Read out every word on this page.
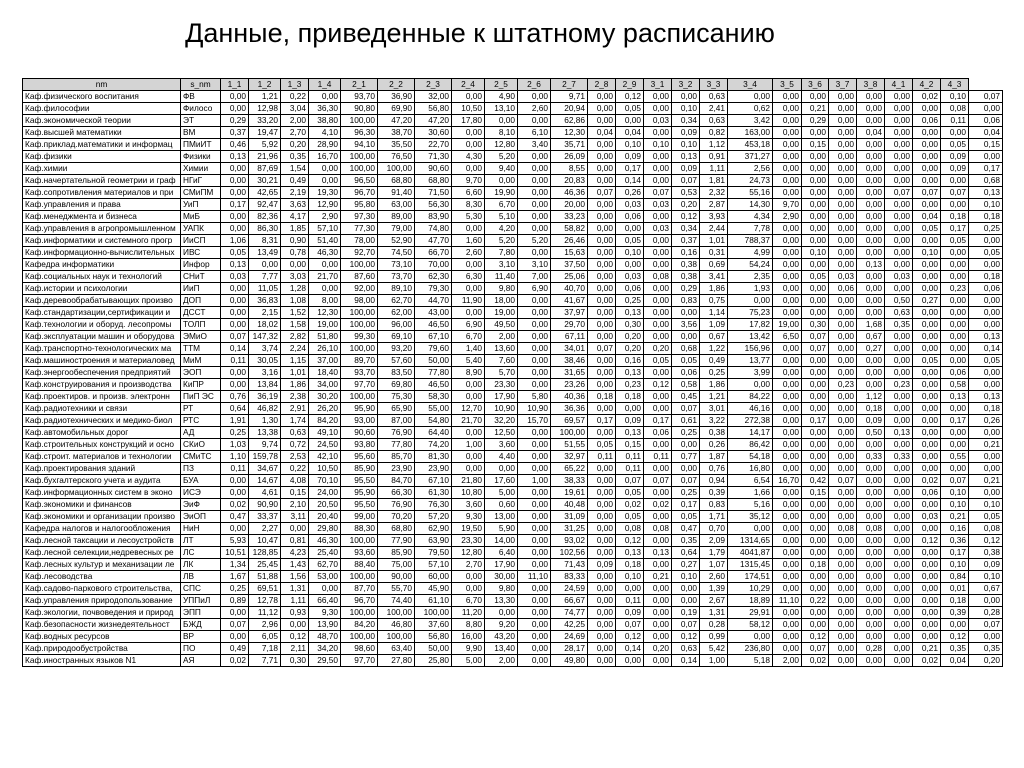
Данные, приведенные к штатному расписанию
nm	s_nm	1_1	1_2	1_3	1_4	2_1	2_2	2_3	2_4	2_5	2_6	2_7	2_8	2_9	3_1	3_2	3_3	3_4	3_5	3_6	3_7	3_8	4_1	4_2	4_3	
Каф.физического воспитания	ФВ	0,00	1,21	0,22	0,00	93,70	36,90	32,00	0,00	4,90	0,00	9,71	0,00	0,12	0,00	0,00	0,63	0,00	0,00	0,00	0,00	0,00	0,00	0,02	0,10	0,07
Каф.философии	Филосо	0,00	12,98	3,04	36,30	90,80	69,90	56,80	10,50	13,10	2,60	20,94	0,00	0,05	0,00	0,10	2,41	0,62	0,00	0,21	0,00	0,00	0,00	0,00	0,08	0,00
Каф.экономической теории	ЭТ	0,29	33,20	2,00	38,80	100,00	47,20	47,20	17,80	0,00	0,00	62,86	0,00	0,00	0,03	0,34	0,63	3,42	0,00	0,29	0,00	0,00	0,00	0,06	0,11	0,06
Каф.высшей математики	ВМ	0,37	19,47	2,70	4,10	96,30	38,70	30,60	0,00	8,10	6,10	12,30	0,04	0,04	0,00	0,09	0,82	163,00	0,00	0,00	0,00	0,04	0,00	0,00	0,00	0,04
Каф.приклад.математики и информац	ПМиИТ	0,46	5,92	0,20	28,90	94,10	35,50	22,70	0,00	12,80	3,40	35,71	0,00	0,10	0,10	0,10	1,12	453,18	0,00	0,15	0,00	0,00	0,00	0,00	0,05	0,15
Каф.физики	Физики	0,13	21,96	0,35	16,70	100,00	76,50	71,30	4,30	5,20	0,00	26,09	0,00	0,09	0,00	0,13	0,91	371,27	0,00	0,00	0,00	0,00	0,00	0,00	0,09	0,00
Каф.химии	Химии	0,00	87,69	1,54	0,00	100,00	100,00	90,60	0,00	9,40	0,00	8,55	0,00	0,17	0,00	0,09	1,11	2,56	0,00	0,00	0,00	0,00	0,00	0,00	0,09	0,17
Каф.начертательной геометрии и граф	НГиГ	0,00	30,21	0,49	0,00	96,50	68,80	68,80	9,70	0,00	0,00	20,83	0,00	0,14	0,00	0,07	1,81	24,73	0,00	0,00	0,00	0,00	0,00	0,00	0,00	0,68
Каф.сопротивления материалов и при	СМиПМ	0,00	42,65	2,19	19,30	96,70	91,40	71,50	6,60	19,90	0,00	46,36	0,07	0,26	0,07	0,53	2,32	55,16	0,00	0,00	0,00	0,00	0,07	0,07	0,07	0,13
Каф.управления и права	УиП	0,17	92,47	3,63	12,90	95,80	63,00	56,30	8,30	6,70	0,00	20,00	0,00	0,03	0,03	0,20	2,87	14,30	9,70	0,00	0,00	0,00	0,00	0,00	0,00	0,10
Каф.менеджмента и бизнеса	МиБ	0,00	82,36	4,17	2,90	97,30	89,00	83,90	5,30	5,10	0,00	33,23	0,00	0,06	0,00	0,12	3,93	4,34	2,90	0,00	0,00	0,00	0,00	0,04	0,18	0,18
Каф.управления в агропромышленном	УАПК	0,00	86,30	1,85	57,10	77,30	79,00	74,80	0,00	4,20	0,00	58,82	0,00	0,00	0,03	0,34	2,44	7,78	0,00	0,00	0,00	0,00	0,00	0,05	0,17	0,25
Каф.информатики и системного прогр	ИиСП	1,06	8,31	0,90	51,40	78,00	52,90	47,70	1,60	5,20	5,20	26,46	0,00	0,05	0,00	0,37	1,01	788,37	0,00	0,00	0,00	0,00	0,00	0,00	0,05	0,00
Каф.информационно-вычислительных	ИВС	0,05	13,49	0,78	46,30	92,70	74,50	66,70	2,60	7,80	0,00	15,63	0,00	0,10	0,00	0,16	0,31	4,99	0,00	0,10	0,00	0,00	0,00	0,10	0,00	0,05
Кафедра информатики	Инфор	0,13	0,00	0,00	0,00	100,00	73,10	70,00	0,00	3,10	3,10	37,50	0,00	0,00	0,00	0,38	0,69	54,24	0,00	0,00	0,00	0,13	0,00	0,00	0,00	0,00
Каф.социальных наук и технологий	СНиТ	0,03	7,77	3,03	21,70	87,60	73,70	62,30	6,30	11,40	7,00	25,06	0,00	0,03	0,08	0,38	3,41	2,35	0,00	0,05	0,03	0,00	0,03	0,00	0,00	0,18
Каф.истории и психологии	ИиП	0,00	11,05	1,28	0,00	92,00	89,10	79,30	0,00	9,80	6,90	40,70	0,00	0,06	0,00	0,29	1,86	1,93	0,00	0,00	0,06	0,00	0,00	0,00	0,23	0,06
Каф.деревообрабатывающих произво	ДОП	0,00	36,83	1,08	8,00	98,00	62,70	44,70	11,90	18,00	0,00	41,67	0,00	0,25	0,00	0,83	0,75	0,00	0,00	0,00	0,00	0,00	0,50	0,27	0,00	0,00
Каф.стандартизации,сертификации и	ДССТ	0,00	2,15	1,52	12,30	100,00	62,00	43,00	0,00	19,00	0,00	37,97	0,00	0,13	0,00	0,00	1,14	75,23	0,00	0,00	0,00	0,00	0,63	0,00	0,00	0,00
Каф.технологии и оборуд. лесопромы	ТОЛП	0,00	18,02	1,58	19,00	100,00	96,00	46,50	6,90	49,50	0,00	29,70	0,00	0,30	0,00	3,56	1,09	17,82	19,00	0,30	0,00	1,68	0,35	0,00	0,00	0,00
Каф.эксплуатации машин и оборудова	ЭМиО	0,07	147,32	2,82	51,80	99,30	69,10	67,10	6,70	2,00	0,00	67,11	0,00	0,20	0,00	0,00	0,67	13,42	6,50	0,07	0,00	0,67	0,00	0,00	0,00	0,13
Каф.транспортно-технологических ма	ТТМ	0,14	3,74	2,24	26,10	100,00	93,20	79,60	1,40	13,60	0,00	34,01	0,07	0,20	0,20	0,68	1,22	156,96	0,00	0,07	0,00	0,27	0,00	0,00	0,00	0,14
Каф.машиностроения и материаловед	МиМ	0,11	30,05	1,15	37,00	89,70	57,60	50,00	5,40	7,60	0,00	38,46	0,00	0,16	0,05	0,05	0,49	13,77	0,00	0,00	0,00	0,00	0,00	0,05	0,00	0,05
Каф.энергообеспечения предприятий	ЭОП	0,00	3,16	1,01	18,40	93,70	83,50	77,80	8,90	5,70	0,00	31,65	0,00	0,13	0,00	0,06	0,25	3,99	0,00	0,00	0,00	0,00	0,00	0,00	0,06	0,00
Каф.конструирования и производства	КиПР	0,00	13,84	1,86	34,00	97,70	69,80	46,50	0,00	23,30	0,00	23,26	0,00	0,23	0,12	0,58	1,86	0,00	0,00	0,00	0,23	0,00	0,23	0,00	0,58	0,00
Каф.проектиров. и произв. электронн	ПиП ЭС	0,76	36,19	2,38	30,20	100,00	75,30	58,30	0,00	17,90	5,80	40,36	0,18	0,18	0,00	0,45	1,21	84,22	0,00	0,00	0,00	1,12	0,00	0,00	0,13	0,13
Каф.радиотехники и связи	РТ	0,64	46,82	2,91	26,20	95,90	65,90	55,00	12,70	10,90	10,90	36,36	0,00	0,00	0,00	0,07	3,01	46,16	0,00	0,00	0,00	0,18	0,00	0,00	0,00	0,18
Каф.радиотехнических и медико-биол	РТС	1,91	1,30	1,74	84,20	93,00	87,00	54,80	21,70	32,20	15,70	69,57	0,17	0,09	0,17	0,61	3,22	272,38	0,00	0,17	0,00	0,09	0,00	0,00	0,17	0,26
Каф.автомобильных дорог	АД	0,25	13,38	0,63	49,10	90,60	76,90	64,40	0,00	12,50	0,00	100,00	0,00	0,13	0,06	0,25	0,38	14,17	0,00	0,00	0,00	0,50	0,13	0,00	0,00	0,00
Каф.строительных конструкций и осно	СКиО	1,03	9,74	0,72	24,50	93,80	77,80	74,20	1,00	3,60	0,00	51,55	0,05	0,15	0,00	0,00	0,26	86,42	0,00	0,00	0,00	0,00	0,00	0,00	0,00	0,21
Каф.строит. материалов и технологии	СМиТС	1,10	159,78	2,53	42,10	95,60	85,70	81,30	0,00	4,40	0,00	32,97	0,11	0,11	0,11	0,77	1,87	54,18	0,00	0,00	0,00	0,33	0,33	0,00	0,55	0,00
Каф.проектирования зданий	ПЗ	0,11	34,67	0,22	10,50	85,90	23,90	23,90	0,00	0,00	0,00	65,22	0,00	0,11	0,00	0,00	0,76	16,80	0,00	0,00	0,00	0,00	0,00	0,00	0,00	0,00
Каф.бухгалтерского учета и аудита	БУА	0,00	14,67	4,08	70,10	95,50	84,70	67,10	21,80	17,60	1,00	38,33	0,00	0,07	0,07	0,07	0,94	6,54	16,70	0,42	0,07	0,00	0,00	0,02	0,07	0,21
Каф.информационных систем в эконо	ИСЭ	0,00	4,61	0,15	24,00	95,90	66,30	61,30	10,80	5,00	0,00	19,61	0,00	0,05	0,00	0,25	0,39	1,66	0,00	0,15	0,00	0,00	0,00	0,06	0,10	0,00
Каф.экономики и финансов	ЭиФ	0,02	90,90	2,10	20,50	95,50	76,90	76,30	3,60	0,60	0,00	40,48	0,00	0,02	0,02	0,17	0,83	5,16	0,00	0,00	0,00	0,00	0,00	0,00	0,10	0,10
Каф.экономики и организации произво	ЭиОП	0,47	33,37	3,11	20,40	99,00	70,20	57,20	9,30	13,00	0,00	31,09	0,00	0,05	0,00	0,05	1,71	35,12	0,00	0,00	0,00	0,00	0,00	0,03	0,21	0,05
Кафедра налогов и налогообложения	НиН	0,00	2,27	0,00	29,80	88,30	68,80	62,90	19,50	5,90	0,00	31,25	0,00	0,08	0,08	0,47	0,70	0,00	0,00	0,00	0,08	0,08	0,00	0,00	0,16	0,08
Каф.лесной таксации и лесоустройств	ЛТ	5,93	10,47	0,81	46,30	100,00	77,90	63,90	23,30	14,00	0,00	93,02	0,00	0,12	0,00	0,35	2,09	1314,65	0,00	0,00	0,00	0,00	0,00	0,12	0,36	0,12
Каф.лесной селекции,недревесных ре	ЛС	10,51	128,85	4,23	25,40	93,60	85,90	79,50	12,80	6,40	0,00	102,56	0,00	0,13	0,13	0,64	1,79	4041,87	0,00	0,00	0,00	0,00	0,00	0,00	0,17	0,38
Каф.лесных культур и механизации ле	ЛК	1,34	25,45	1,43	62,70	88,40	75,00	57,10	2,70	17,90	0,00	71,43	0,09	0,18	0,00	0,27	1,07	1315,45	0,00	0,18	0,00	0,00	0,00	0,00	0,10	0,09
Каф.лесоводства	ЛВ	1,67	51,88	1,56	53,00	100,00	90,00	60,00	0,00	30,00	11,10	83,33	0,00	0,10	0,21	0,10	2,60	174,51	0,00	0,00	0,00	0,00	0,00	0,00	0,84	0,10
Каф.садово-паркового строительства,	СПС	0,25	69,51	1,31	0,00	87,70	55,70	45,90	0,00	9,80	0,00	24,59	0,00	0,00	0,00	0,00	1,39	10,29	0,00	0,00	0,00	0,00	0,00	0,00	0,01	0,67
Каф.управления природопользование	УППиЛ	0,89	12,78	1,11	66,40	96,70	74,40	61,10	6,70	13,30	0,00	66,67	0,00	0,11	0,00	0,00	2,67	18,89	11,10	0,22	0,00	0,00	0,00	0,00	0,18	0,00
Каф.экологии, почвоведения и природ	ЭПП	0,00	11,12	0,93	9,30	100,00	100,00	100,00	11,20	0,00	0,00	74,77	0,00	0,09	0,00	0,19	1,31	29,91	0,00	0,00	0,00	0,00	0,00	0,00	0,39	0,28
Каф.безопасности жизнедеятельност	БЖД	0,07	2,96	0,00	13,90	84,20	46,80	37,60	8,80	9,20	0,00	42,25	0,00	0,07	0,00	0,07	0,28	58,12	0,00	0,00	0,00	0,00	0,00	0,00	0,00	0,07
Каф.водных ресурсов	ВР	0,00	6,05	0,12	48,70	100,00	100,00	56,80	16,00	43,20	0,00	24,69	0,00	0,12	0,00	0,12	0,99	0,00	0,00	0,12	0,00	0,00	0,00	0,00	0,12	0,00
Каф.природообустройства	ПО	0,49	7,18	2,11	34,20	98,60	63,40	50,00	9,90	13,40	0,00	28,17	0,00	0,14	0,20	0,63	5,42	236,80	0,00	0,07	0,00	0,28	0,00	0,21	0,35	0,35
Каф.иностранных языков N1	АЯ	0,02	7,71	0,30	29,50	97,70	27,80	25,80	5,00	2,00	0,00	49,80	0,00	0,00	0,00	0,14	1,00	5,18	2,00	0,02	0,00	0,00	0,00	0,02	0,04	0,20
